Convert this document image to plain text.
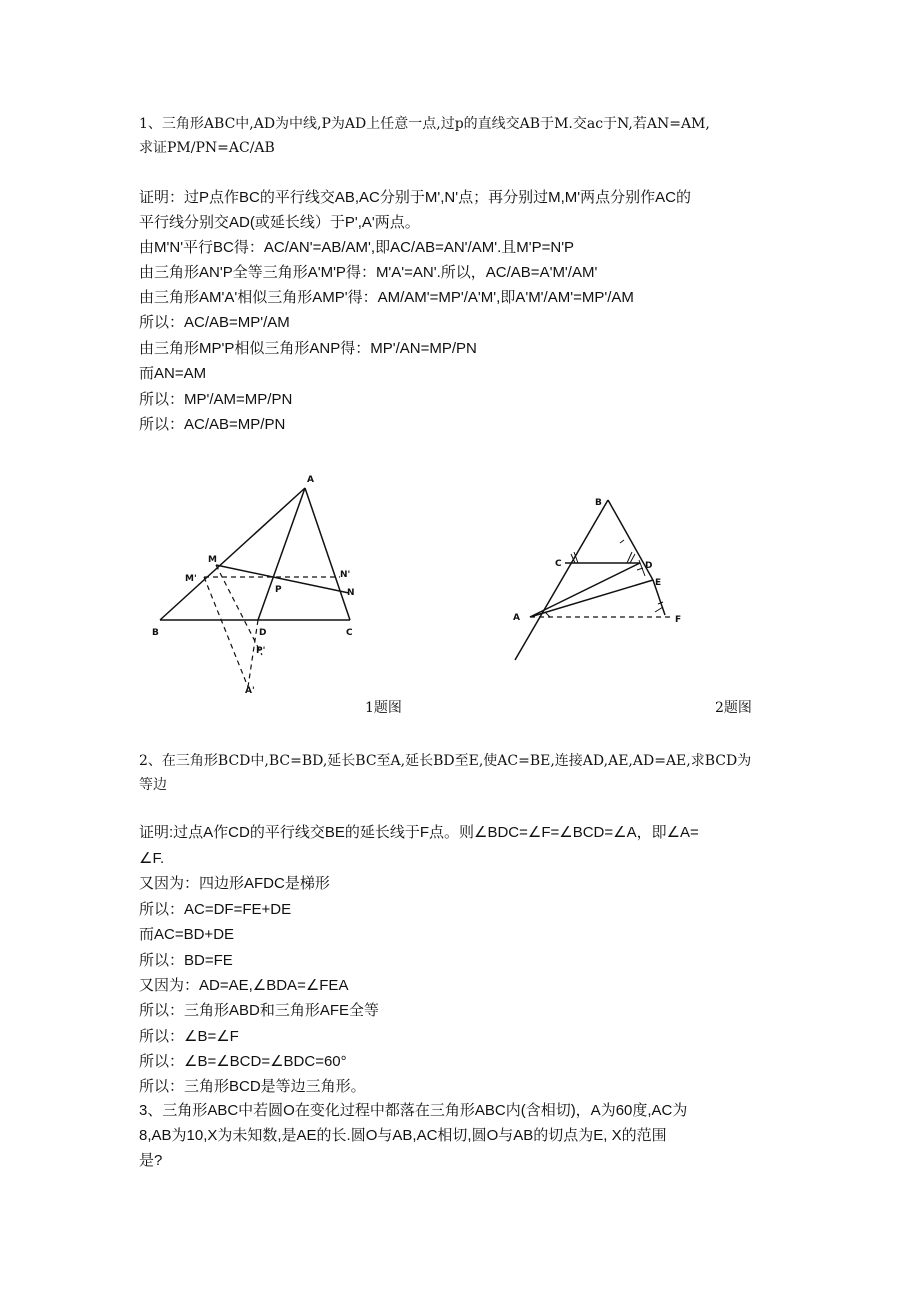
1、三角形ABC中,AD为中线,P为AD上任意一点,过p的直线交AB于M.交ac于N,若AN=AM,
求证PM/PN=AC/AB
证明：过P点作BC的平行线交AB,AC分别于M',N'点；再分别过M,M'两点分别作AC的
平行线分别交AD(或延长线）于P',A'两点。
由M'N'平行BC得：AC/AN'=AB/AM',即AC/AB=AN'/AM'.且M'P=N'P
由三角形AN'P全等三角形A'M'P得：M'A'=AN'.所以，AC/AB=A'M'/AM'
由三角形AM'A'相似三角形AMP'得：AM/AM'=MP'/A'M',即A'M'/AM'=MP'/AM
所以：AC/AB=MP'/AM
由三角形MP'P相似三角形ANP得：MP'/AN=MP/PN
而AN=AM
所以：MP'/AM=MP/PN
所以：AC/AB=MP/PN
A
B	C
D
M
M'
N
N'
P
P'
A'
B
C	D
E
F
A
1题图	2题图
2、在三角形BCD中,BC=BD,延长BC至A,延长BD至E,使AC=BE,连接AD,AE,AD=AE,求BCD为
等边
证明:过点A作CD的平行线交BE的延长线于F点。则∠BDC=∠F=∠BCD=∠A，即∠A=
∠F.
又因为：四边形AFDC是梯形
所以：AC=DF=FE+DE
而AC=BD+DE
所以：BD=FE
又因为：AD=AE,∠BDA=∠FEA
所以：三角形ABD和三角形AFE全等
所以：∠B=∠F
所以：∠B=∠BCD=∠BDC=60°
所以：三角形BCD是等边三角形。
3、三角形ABC中若圆O在变化过程中都落在三角形ABC内(含相切)，A为60度,AC为
8,AB为10,X为未知数,是AE的长.圆O与AB,AC相切,圆O与AB的切点为E, X的范围
是?
